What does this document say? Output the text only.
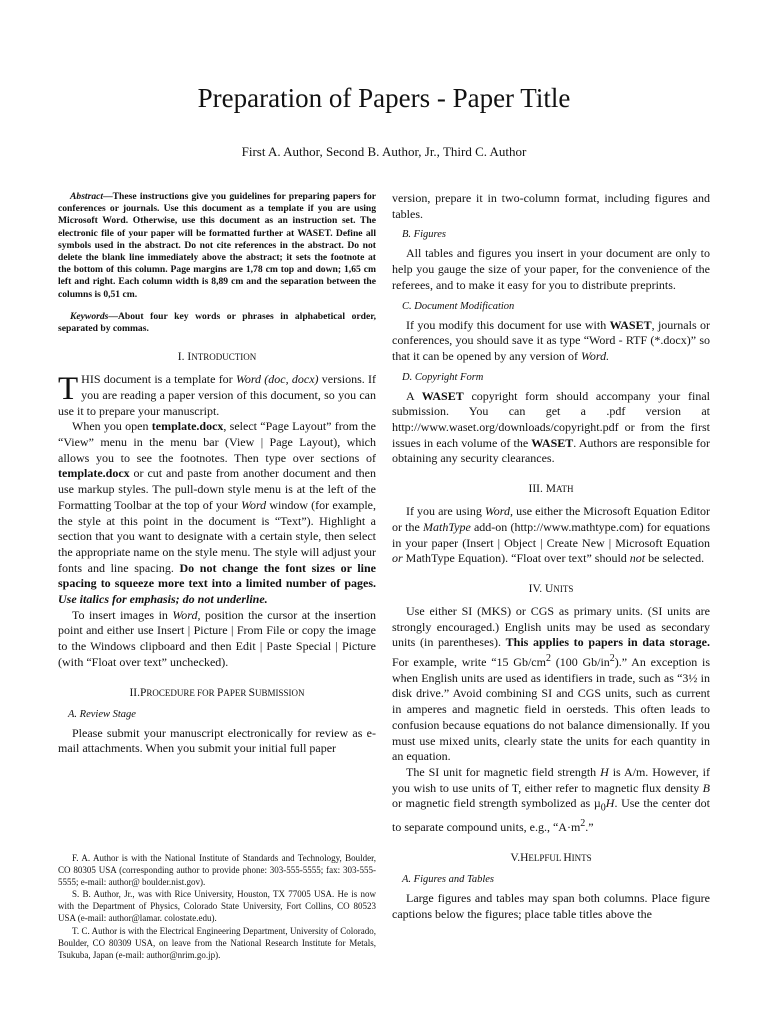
Preparation of Papers - Paper Title
First A. Author, Second B. Author, Jr., Third C. Author

Abstract—These instructions give you guidelines for preparing papers for conferences or journals. Use this document as a template if you are using Microsoft Word. Otherwise, use this document as an instruction set. The electronic file of your paper will be formatted further at WASET. Define all symbols used in the abstract. Do not cite references in the abstract. Do not delete the blank line immediately above the abstract; it sets the footnote at the bottom of this column. Page margins are 1,78 cm top and down; 1,65 cm left and right. Each column width is 8,89 cm and the separation between the columns is 0,51 cm.

Keywords—About four key words or phrases in alphabetical order, separated by commas.

I. INTRODUCTION

THIS document is a template for Word (doc, docx) versions. If you are reading a paper version of this document, so you can use it to prepare your manuscript.

When you open template.docx, select “Page Layout” from the “View” menu in the menu bar (View | Page Layout), which allows you to see the footnotes. Then type over sections of template.docx or cut and paste from another document and then use markup styles. The pull-down style menu is at the left of the Formatting Toolbar at the top of your Word window (for example, the style at this point in the document is “Text”). Highlight a section that you want to designate with a certain style, then select the appropriate name on the style menu. The style will adjust your fonts and line spacing. Do not change the font sizes or line spacing to squeeze more text into a limited number of pages. Use italics for emphasis; do not underline.

To insert images in Word, position the cursor at the insertion point and either use Insert | Picture | From File or copy the image to the Windows clipboard and then Edit | Paste Special | Picture (with “Float over text” unchecked).

II.PROCEDURE FOR PAPER SUBMISSION
A. Review Stage

Please submit your manuscript electronically for review as e-mail attachments. When you submit your initial full paper

F. A. Author is with the National Institute of Standards and Technology, Boulder, CO 80305 USA (corresponding author to provide phone: 303-555-5555; fax: 303-555-5555; e-mail: author@ boulder.nist.gov).

S. B. Author, Jr., was with Rice University, Houston, TX 77005 USA. He is now with the Department of Physics, Colorado State University, Fort Collins, CO 80523 USA (e-mail: author@lamar. colostate.edu).

T. C. Author is with the Electrical Engineering Department, University of Colorado, Boulder, CO 80309 USA, on leave from the National Research Institute for Metals, Tsukuba, Japan (e-mail: author@nrim.go.jp).

version, prepare it in two-column format, including figures and tables.

B. Figures

All tables and figures you insert in your document are only to help you gauge the size of your paper, for the convenience of the referees, and to make it easy for you to distribute preprints.

C. Document Modification

If you modify this document for use with WASET, journals or conferences, you should save it as type “Word - RTF (*.docx)” so that it can be opened by any version of Word.

D. Copyright Form

A WASET copyright form should accompany your final submission. You can get a .pdf version at http://www.waset.org/downloads/copyright.pdf or from the first issues in each volume of the WASET. Authors are responsible for obtaining any security clearances.

III. MATH

If you are using Word, use either the Microsoft Equation Editor or the MathType add-on (http://www.mathtype.com) for equations in your paper (Insert | Object | Create New | Microsoft Equation or MathType Equation). “Float over text” should not be selected.

IV. UNITS

Use either SI (MKS) or CGS as primary units. (SI units are strongly encouraged.) English units may be used as secondary units (in parentheses). This applies to papers in data storage. For example, write “15 $Gb/cm^2$ (100 $Gb/in^2$).” An exception is when English units are used as identifiers in trade, such as “3½ in disk drive.” Avoid combining SI and CGS units, such as current in amperes and magnetic field in oersteds. This often leads to confusion because equations do not balance dimensionally. If you must use mixed units, clearly state the units for each quantity in an equation.

The SI unit for magnetic field strength H is A/m. However, if you wish to use units of T, either refer to magnetic flux density B or magnetic field strength symbolized as µ$_0$H. Use the center dot to separate compound units, e.g., “$A\cdot m^2$.”

V.HELPFUL HINTS
A. Figures and Tables

Large figures and tables may span both columns. Place figure captions below the figures; place table titles above the
